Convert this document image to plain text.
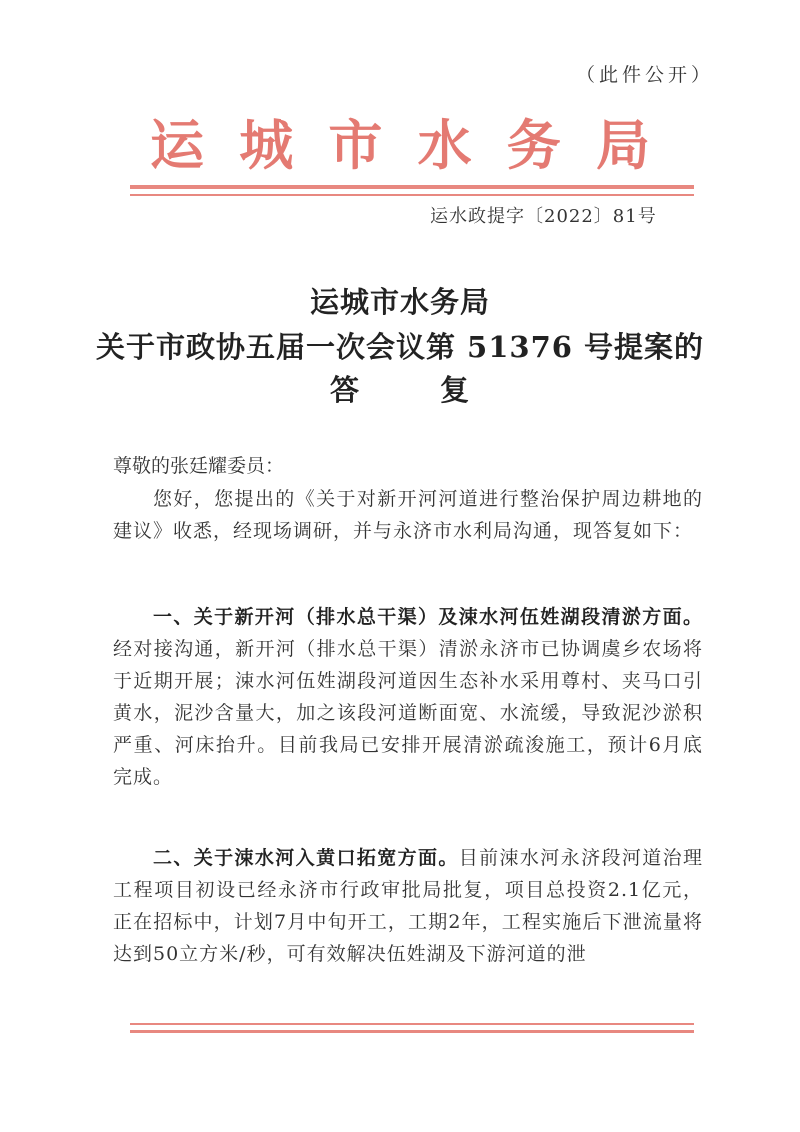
（此件公开）
运 城 市 水 务 局
运水政提字〔2022〕81号
运城市水务局
关于市政协五届一次会议第 51376 号提案的
答	复
尊敬的张廷耀委员：

您好，您提出的《关于对新开河河道进行整治保护周边耕地的建议》收悉，经现场调研，并与永济市水利局沟通，现答复如下：

一、关于新开河（排水总干渠）及涑水河伍姓湖段清淤方面。经对接沟通，新开河（排水总干渠）清淤永济市已协调虞乡农场将于近期开展；涑水河伍姓湖段河道因生态补水采用尊村、夹马口引黄水，泥沙含量大，加之该段河道断面宽、水流缓，导致泥沙淤积严重、河床抬升。目前我局已安排开展清淤疏浚施工，预计6月底完成。

二、关于涑水河入黄口拓宽方面。目前涑水河永济段河道治理工程项目初设已经永济市行政审批局批复，项目总投资2.1亿元，正在招标中，计划7月中旬开工，工期2年，工程实施后下泄流量将达到50立方米/秒，可有效解决伍姓湖及下游河道的泄
